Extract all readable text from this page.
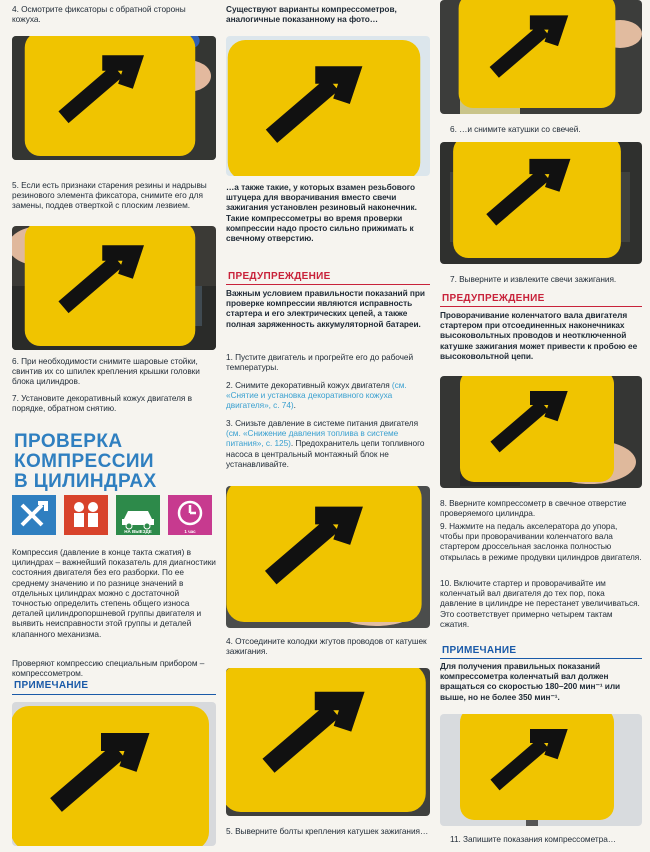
4. Осмотрите фиксаторы с обратной стороны кожуха.

5. Если есть признаки старения резины и надрывы резинового элемента фиксатора, снимите его для замены, поддев отверткой с плоским лезвием.

6. При необходимости снимите шаровые стойки, свинтив их со шпилек крепления крышки головки блока цилиндров.

7. Установите декоративный кожух двигателя в порядке, обратном снятию.

ПРОВЕРКА
КОМПРЕССИИ
В ЦИЛИНДРАХ
НА ВЫЕЗДЕ	1 час

Компрессия (давление в конце такта сжатия) в цилиндрах – важнейший показатель для диагностики состояния двигателя без его разборки. По ее среднему значению и по разнице значений в отдельных цилиндрах можно с достаточной точностью определить степень общего износа деталей цилиндропоршневой группы двигателя и выявить неисправности этой группы и деталей клапанного механизма.

Проверяют компрессию специальным прибором – компрессометром.

ПРИМЕЧАНИЕ

Существуют варианты компрессометров, аналогичные показанному на фото…

…а также такие, у которых взамен резьбового штуцера для вворачивания вместо свечи зажигания установлен резиновый наконечник. Такие компрессометры во время проверки компрессии надо просто сильно прижимать к свечному отверстию.

ПРЕДУПРЕЖДЕНИЕ

Важным условием правильности показаний при проверке компрессии являются исправность стартера и его электрических цепей, а также полная заряженность аккумуляторной батареи.

1. Пустите двигатель и прогрейте его до рабочей температуры.

2. Снимите декоративный кожух двигателя (см. «Снятие и установка декоративного кожуха двигателя», с. 74).

3. Снизьте давление в системе питания двигателя (см. «Снижение давления топлива в системе питания», с. 125). Предохранитель цепи топливного насоса в центральный монтажный блок не устанавливайте.

4. Отсоедините колодки жгутов проводов от катушек зажигания.

5. Выверните болты крепления катушек зажигания…

6. …и снимите катушки со свечей.

7. Выверните и извлеките свечи зажигания.

ПРЕДУПРЕЖДЕНИЕ

Проворачивание коленчатого вала двигателя стартером при отсоединенных наконечниках высоковольтных проводов и неотключенной катушке зажигания может привести к пробою ее высоковольтной цепи.

8. Вверните компрессометр в свечное отверстие проверяемого цилиндра.

9. Нажмите на педаль акселератора до упора, чтобы при проворачивании коленчатого вала стартером дроссельная заслонка полностью открылась в режиме продувки цилиндров двигателя.

10. Включите стартер и проворачивайте им коленчатый вал двигателя до тех пор, пока давление в цилиндре не перестанет увеличиваться. Это соответствует примерно четырем тактам сжатия.

ПРИМЕЧАНИЕ

Для получения правильных показаний компрессометра коленчатый вал должен вращаться со скоростью 180–200 мин⁻¹ или выше, но не более 350 мин⁻¹.

11. Запишите показания компрессометра…
